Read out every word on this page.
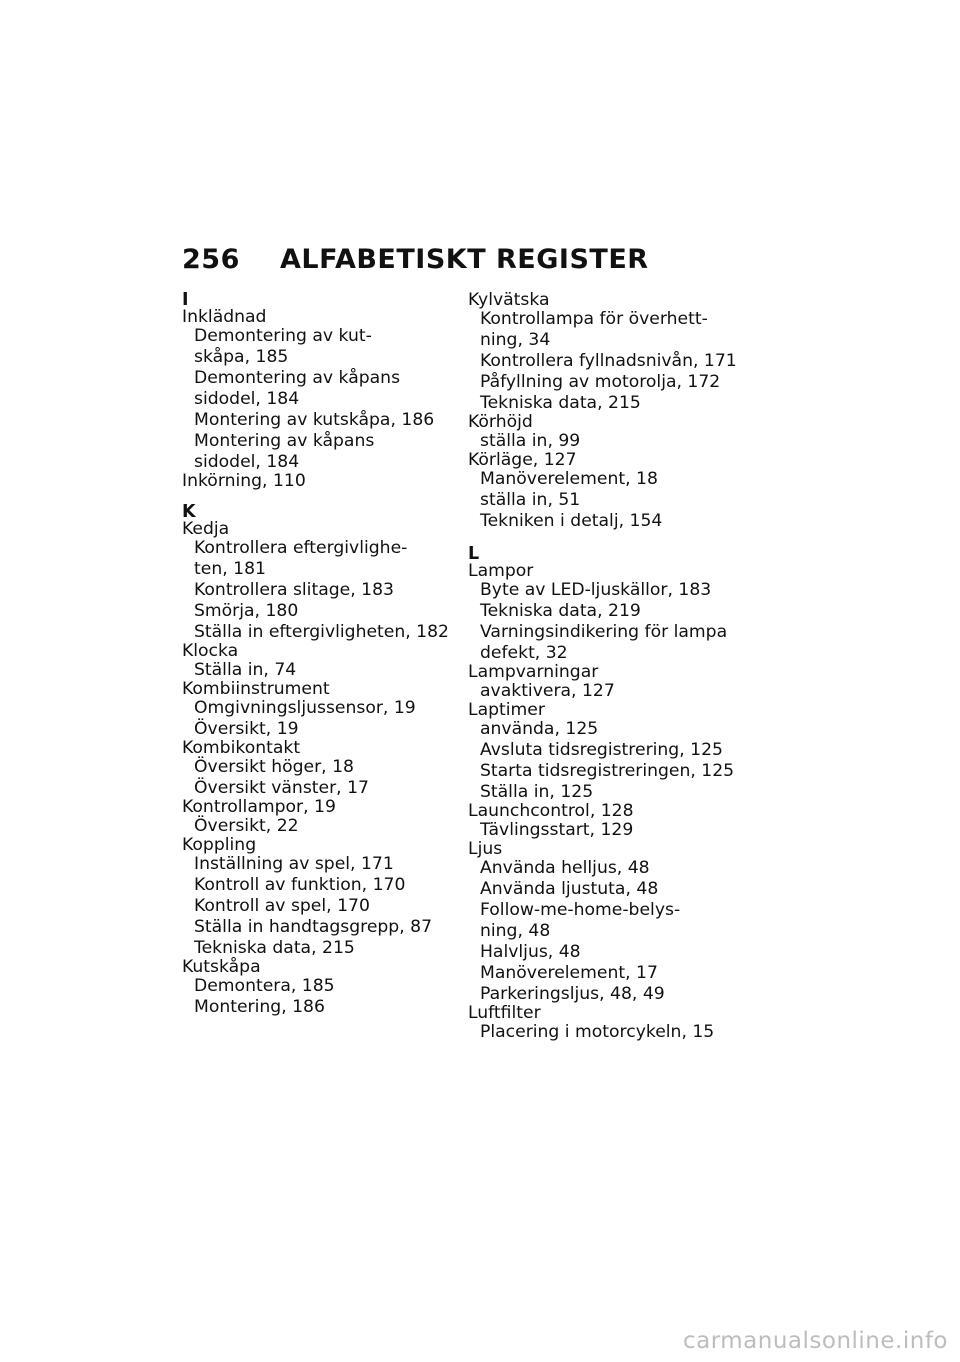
256	ALFABETISKT REGISTER
I
Inklädnad
Demontering av kut-
skåpa, 185
Demontering av kåpans
sidodel, 184
Montering av kutskåpa, 186
Montering av kåpans
sidodel, 184
Inkörning, 110
K
Kedja
Kontrollera eftergivlighe-
ten, 181
Kontrollera slitage, 183
Smörja, 180
Ställa in eftergivligheten, 182
Klocka
Ställa in, 74
Kombiinstrument
Omgivningsljussensor, 19
Översikt, 19
Kombikontakt
Översikt höger, 18
Översikt vänster, 17
Kontrollampor, 19
Översikt, 22
Koppling
Inställning av spel, 171
Kontroll av funktion, 170
Kontroll av spel, 170
Ställa in handtagsgrepp, 87
Tekniska data, 215
Kutskåpa
Demontera, 185
Montering, 186
Kylvätska
Kontrollampa för överhett-
ning, 34
Kontrollera fyllnadsnivån, 171
Påfyllning av motorolja, 172
Tekniska data, 215
Körhöjd
ställa in, 99
Körläge, 127
Manöverelement, 18
ställa in, 51
Tekniken i detalj, 154
L
Lampor
Byte av LED-ljuskällor, 183
Tekniska data, 219
Varningsindikering för lampa
defekt, 32
Lampvarningar
avaktivera, 127
Laptimer
använda, 125
Avsluta tidsregistrering, 125
Starta tidsregistreringen, 125
Ställa in, 125
Launchcontrol, 128
Tävlingsstart, 129
Ljus
Använda helljus, 48
Använda ljustuta, 48
Follow-me-home-belys-
ning, 48
Halvljus, 48
Manöverelement, 17
Parkeringsljus, 48, 49
Luftfilter
Placering i motorcykeln, 15
carmanualsonline.info
